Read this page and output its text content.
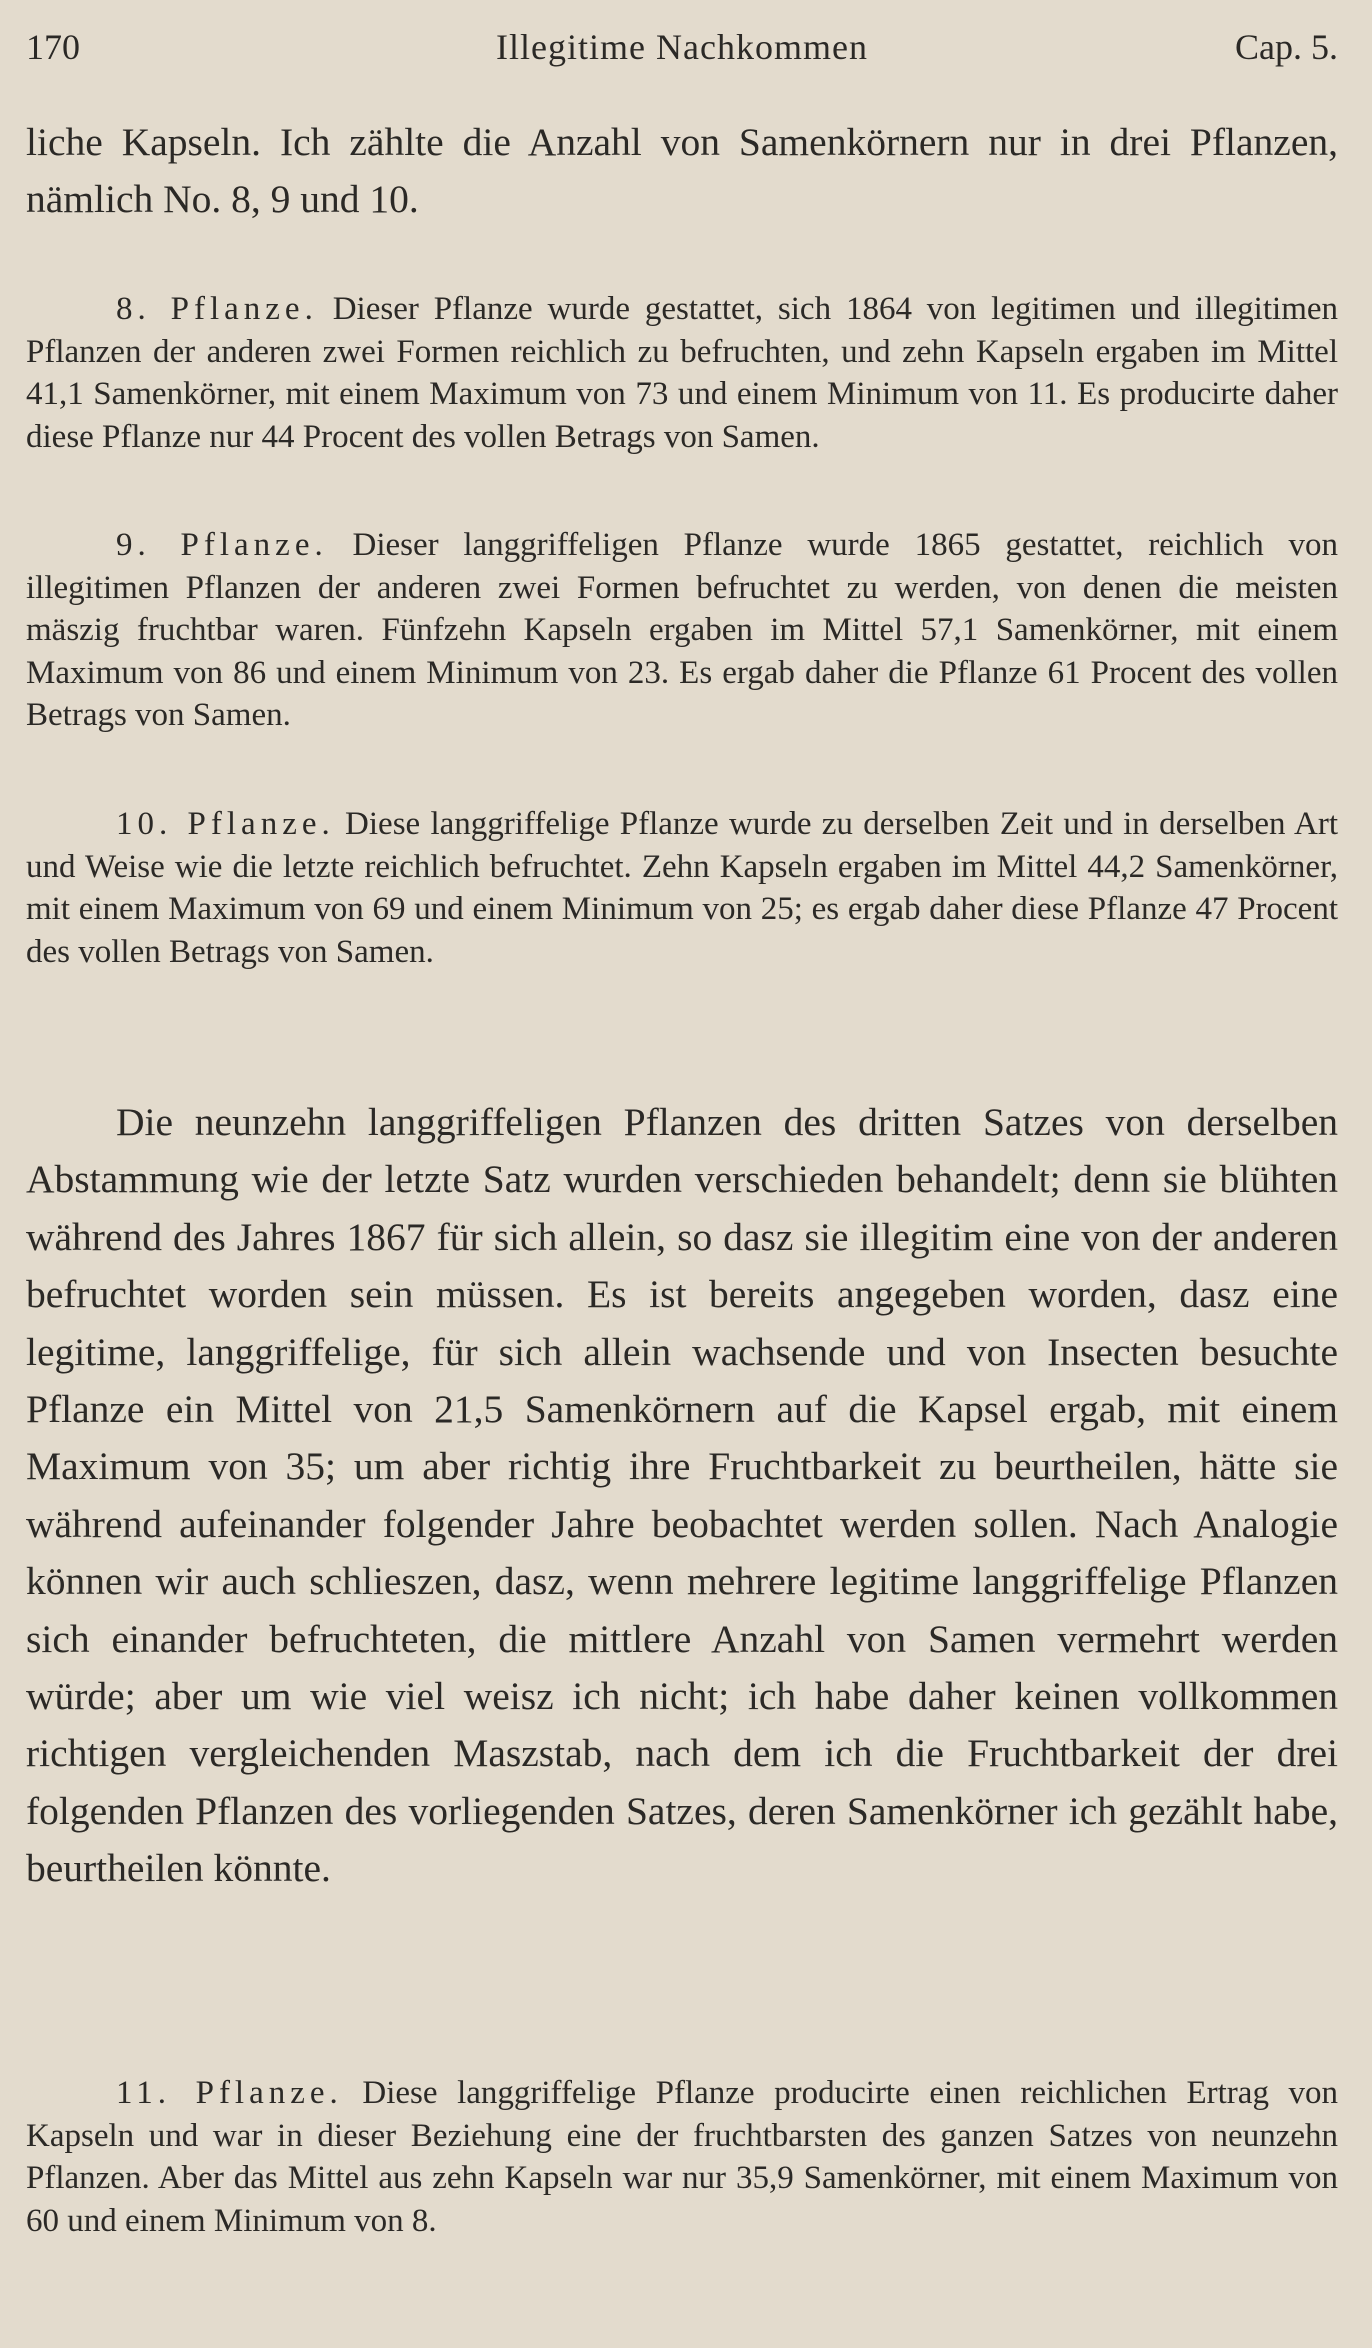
170	Illegitime Nachkommen	Cap. 5.

liche Kapseln. Ich zählte die Anzahl von Samenkörnern nur in drei Pflanzen, nämlich No. 8, 9 und 10.

8. Pflanze. Dieser Pflanze wurde gestattet, sich 1864 von legitimen und illegitimen Pflanzen der anderen zwei Formen reichlich zu befruchten, und zehn Kapseln ergaben im Mittel 41,1 Samenkörner, mit einem Maximum von 73 und einem Minimum von 11. Es producirte daher diese Pflanze nur 44 Procent des vollen Betrags von Samen.

9. Pflanze. Dieser langgriffeligen Pflanze wurde 1865 gestattet, reichlich von illegitimen Pflanzen der anderen zwei Formen befruchtet zu werden, von denen die meisten mäszig fruchtbar waren. Fünfzehn Kapseln ergaben im Mittel 57,1 Samenkörner, mit einem Maximum von 86 und einem Minimum von 23. Es ergab daher die Pflanze 61 Procent des vollen Betrags von Samen.

10. Pflanze. Diese langgriffelige Pflanze wurde zu derselben Zeit und in derselben Art und Weise wie die letzte reichlich befruchtet. Zehn Kapseln ergaben im Mittel 44,2 Samenkörner, mit einem Maximum von 69 und einem Minimum von 25; es ergab daher diese Pflanze 47 Procent des vollen Betrags von Samen.

Die neunzehn langgriffeligen Pflanzen des dritten Satzes von derselben Abstammung wie der letzte Satz wurden verschieden behandelt; denn sie blühten während des Jahres 1867 für sich allein, so dasz sie illegitim eine von der anderen befruchtet worden sein müssen. Es ist bereits angegeben worden, dasz eine legitime, langgriffelige, für sich allein wachsende und von Insecten besuchte Pflanze ein Mittel von 21,5 Samenkörnern auf die Kapsel ergab, mit einem Maximum von 35; um aber richtig ihre Fruchtbarkeit zu beurtheilen, hätte sie während aufeinander folgender Jahre beobachtet werden sollen. Nach Analogie können wir auch schlieszen, dasz, wenn mehrere legitime langgriffelige Pflanzen sich einander befruchteten, die mittlere Anzahl von Samen vermehrt werden würde; aber um wie viel weisz ich nicht; ich habe daher keinen vollkommen richtigen vergleichenden Maszstab, nach dem ich die Fruchtbarkeit der drei folgenden Pflanzen des vorliegenden Satzes, deren Samenkörner ich gezählt habe, beurtheilen könnte.

11. Pflanze. Diese langgriffelige Pflanze producirte einen reichlichen Ertrag von Kapseln und war in dieser Beziehung eine der fruchtbarsten des ganzen Satzes von neunzehn Pflanzen. Aber das Mittel aus zehn Kapseln war nur 35,9 Samenkörner, mit einem Maximum von 60 und einem Minimum von 8.
